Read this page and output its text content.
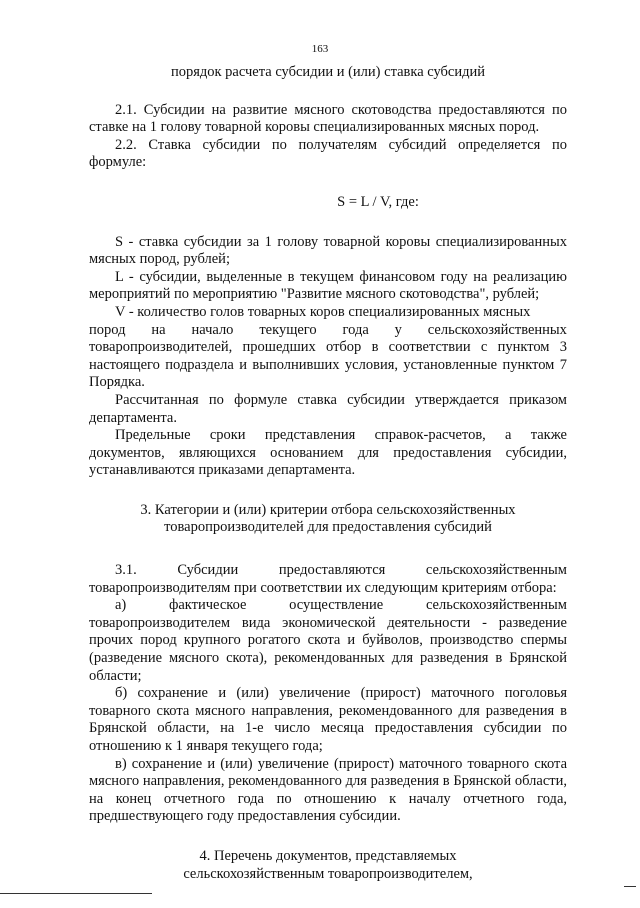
163
порядок расчета субсидии и (или) ставка субсидий

2.1. Субсидии на развитие мясного скотоводства предоставляются по ставке на 1 голову товарной коровы специализированных мясных пород.

2.2. Ставка субсидии по получателям субсидий определяется по формуле:

S = L / V, где:

S - ставка субсидии за 1 голову товарной коровы специализированных мясных пород, рублей;

L - субсидии, выделенные в текущем финансовом году на реализацию мероприятий по мероприятию "Развитие мясного скотоводства", рублей;

V - количество голов товарных коров специализированных мясных

пород на начало текущего года у сельскохозяйственных

товаропроизводителей, прошедших отбор в соответствии с пунктом 3 настоящего подраздела и выполнивших условия, установленные пунктом 7 Порядка.

Рассчитанная по формуле ставка субсидии утверждается приказом департамента.

Предельные сроки представления справок-расчетов, а также документов, являющихся основанием для предоставления субсидии, устанавливаются приказами департамента.

3. Категории и (или) критерии отбора сельскохозяйственных
товаропроизводителей для предоставления субсидий
3.1.	Субсидии	предоставляются	сельскохозяйственным

товаропроизводителям при соответствии их следующим критериям отбора:

а)	фактическое	осуществление	сельскохозяйственным

товаропроизводителем вида экономической деятельности - разведение прочих пород крупного рогатого скота и буйволов, производство спермы (разведение мясного скота), рекомендованных для разведения в Брянской области;

б) сохранение и (или) увеличение (прирост) маточного поголовья товарного скота мясного направления, рекомендованного для разведения в Брянской области, на 1-е число месяца предоставления субсидии по отношению к 1 января текущего года;

в) сохранение и (или) увеличение (прирост) маточного товарного скота мясного направления, рекомендованного для разведения в Брянской области, на конец отчетного года по отношению к началу отчетного года, предшествующего году предоставления субсидии.

4. Перечень документов, представляемых
сельскохозяйственным товаропроизводителем,
